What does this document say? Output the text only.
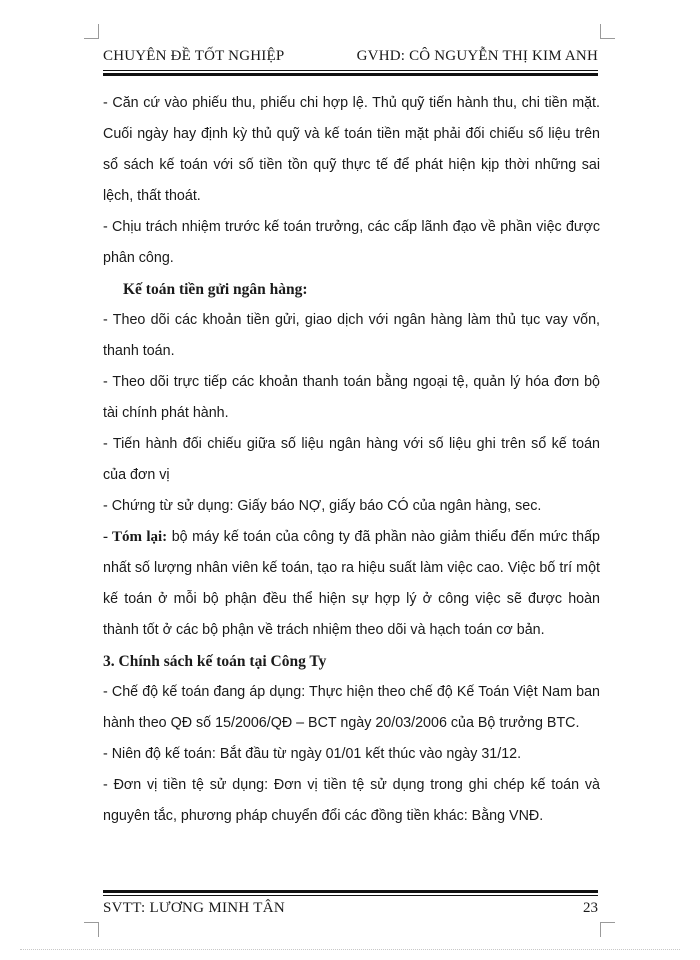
CHUYÊN ĐỀ TỐT NGHIỆP	GVHD: CÔ NGUYỄN THỊ KIM ANH

- Căn cứ vào phiếu thu, phiếu chi hợp lệ. Thủ quỹ tiến hành thu, chi tiền mặt. Cuối ngày hay định kỳ thủ quỹ và kế toán tiền mặt phải đối chiếu số liệu trên sổ sách kế toán với số tiền tồn quỹ thực tế để phát hiện kịp thời những sai lệch, thất thoát.

- Chịu trách nhiệm trước kế toán trưởng, các cấp lãnh đạo về phần việc được phân công.

Kế toán tiền gửi ngân hàng:

- Theo dõi các khoản tiền gửi, giao dịch với ngân hàng làm thủ tục vay vốn, thanh toán.

- Theo dõi trực tiếp các khoản thanh toán bằng ngoại tệ, quản lý hóa đơn bộ tài chính phát hành.

- Tiến hành đối chiếu giữa số liệu ngân hàng với số liệu ghi trên sổ kế toán của đơn vị

- Chứng từ sử dụng: Giấy báo NỢ, giấy báo CÓ của ngân hàng, sec.

- Tóm lại: bộ máy kế toán của công ty đã phần nào giảm thiểu đến mức thấp nhất số lượng nhân viên kế toán, tạo ra hiệu suất làm việc cao. Việc bố trí một kế toán ở mỗi bộ phận đều thể hiện sự hợp lý ở công việc sẽ được hoàn thành tốt ở các bộ phận về trách nhiệm theo dõi và hạch toán cơ bản.

3. Chính sách kế toán tại Công Ty

- Chế độ kế toán đang áp dụng: Thực hiện theo chế độ Kế Toán Việt Nam ban hành theo QĐ số 15/2006/QĐ – BCT ngày 20/03/2006 của Bộ trưởng BTC.

- Niên độ kế toán: Bắt đầu từ ngày 01/01 kết thúc vào ngày 31/12.

- Đơn vị tiền tệ sử dụng: Đơn vị tiền tệ sử dụng trong ghi chép kế toán và nguyên tắc, phương pháp chuyển đổi các đồng tiền khác: Bằng VNĐ.

SVTT: LƯƠNG MINH TÂN	23
